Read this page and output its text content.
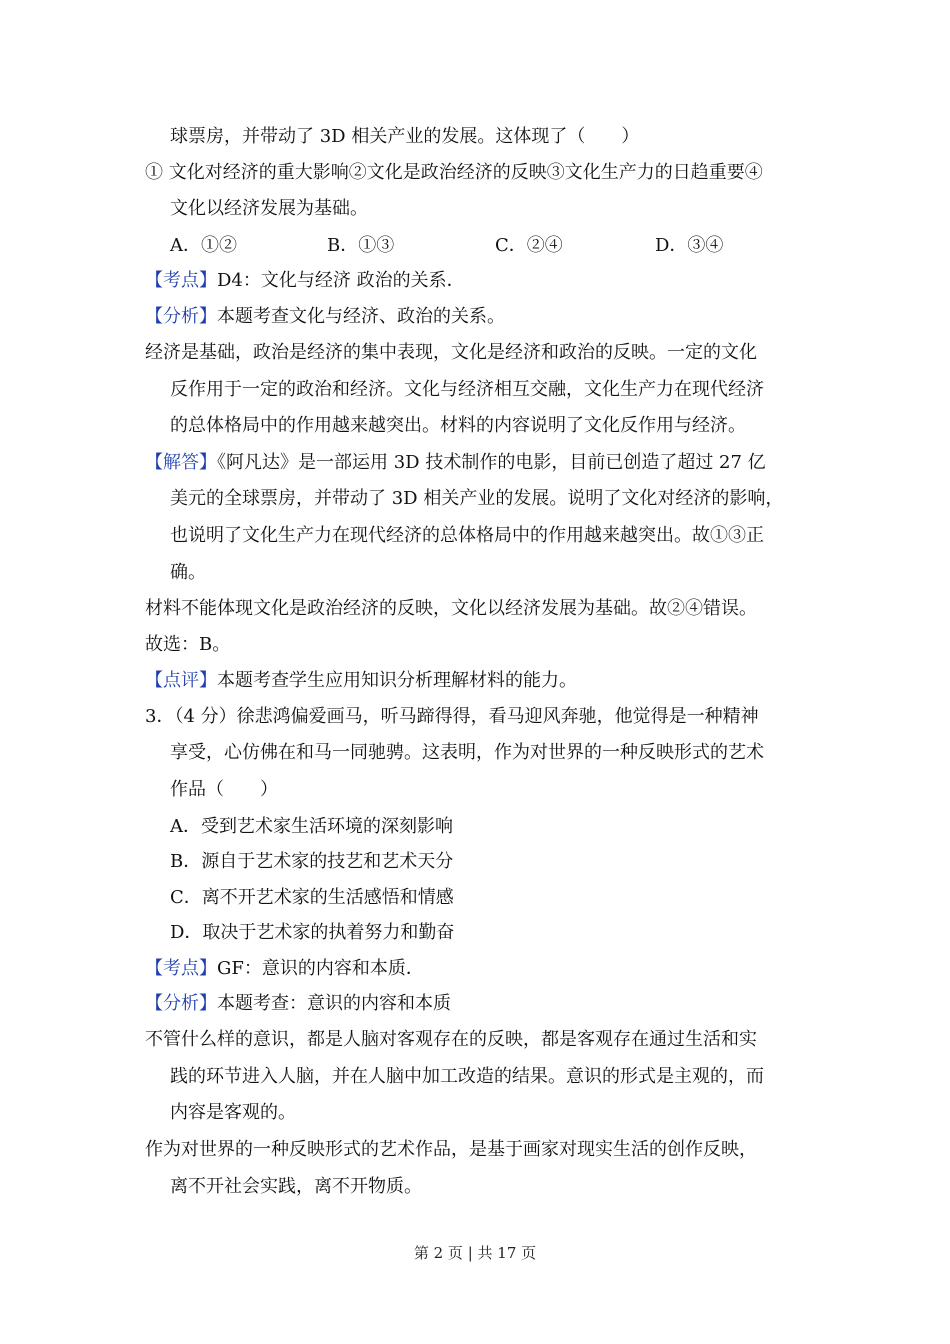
球票房，并带动了 3D 相关产业的发展。这体现了（　　）
① 文化对经济的重大影响②文化是政治经济的反映③文化生产力的日趋重要④
文化以经济发展为基础。
A．①②	B．①③	C．②④	D．③④
【考点】D4：文化与经济 政治的关系．
【分析】本题考查文化与经济、政治的关系。
经济是基础，政治是经济的集中表现，文化是经济和政治的反映。一定的文化
反作用于一定的政治和经济。文化与经济相互交融，文化生产力在现代经济
的总体格局中的作用越来越突出。材料的内容说明了文化反作用与经济。
【解答】《阿凡达》是一部运用 3D 技术制作的电影，目前已创造了超过 27 亿
美元的全球票房，并带动了 3D 相关产业的发展。说明了文化对经济的影响，
也说明了文化生产力在现代经济的总体格局中的作用越来越突出。故①③正
确。
材料不能体现文化是政治经济的反映，文化以经济发展为基础。故②④错误。
故选：B。
【点评】本题考查学生应用知识分析理解材料的能力。
3．（4 分）徐悲鸿偏爱画马，听马蹄得得，看马迎风奔驰，他觉得是一种精神
享受，心仿佛在和马一同驰骋。这表明，作为对世界的一种反映形式的艺术
作品（　　）
A．受到艺术家生活环境的深刻影响
B．源自于艺术家的技艺和艺术天分
C．离不开艺术家的生活感悟和情感
D．取决于艺术家的执着努力和勤奋
【考点】GF：意识的内容和本质．
【分析】本题考查：意识的内容和本质
不管什么样的意识，都是人脑对客观存在的反映，都是客观存在通过生活和实
践的环节进入人脑，并在人脑中加工改造的结果。意识的形式是主观的，而
内容是客观的。
作为对世界的一种反映形式的艺术作品，是基于画家对现实生活的创作反映，
离不开社会实践，离不开物质。
第 2 页 | 共 17 页
